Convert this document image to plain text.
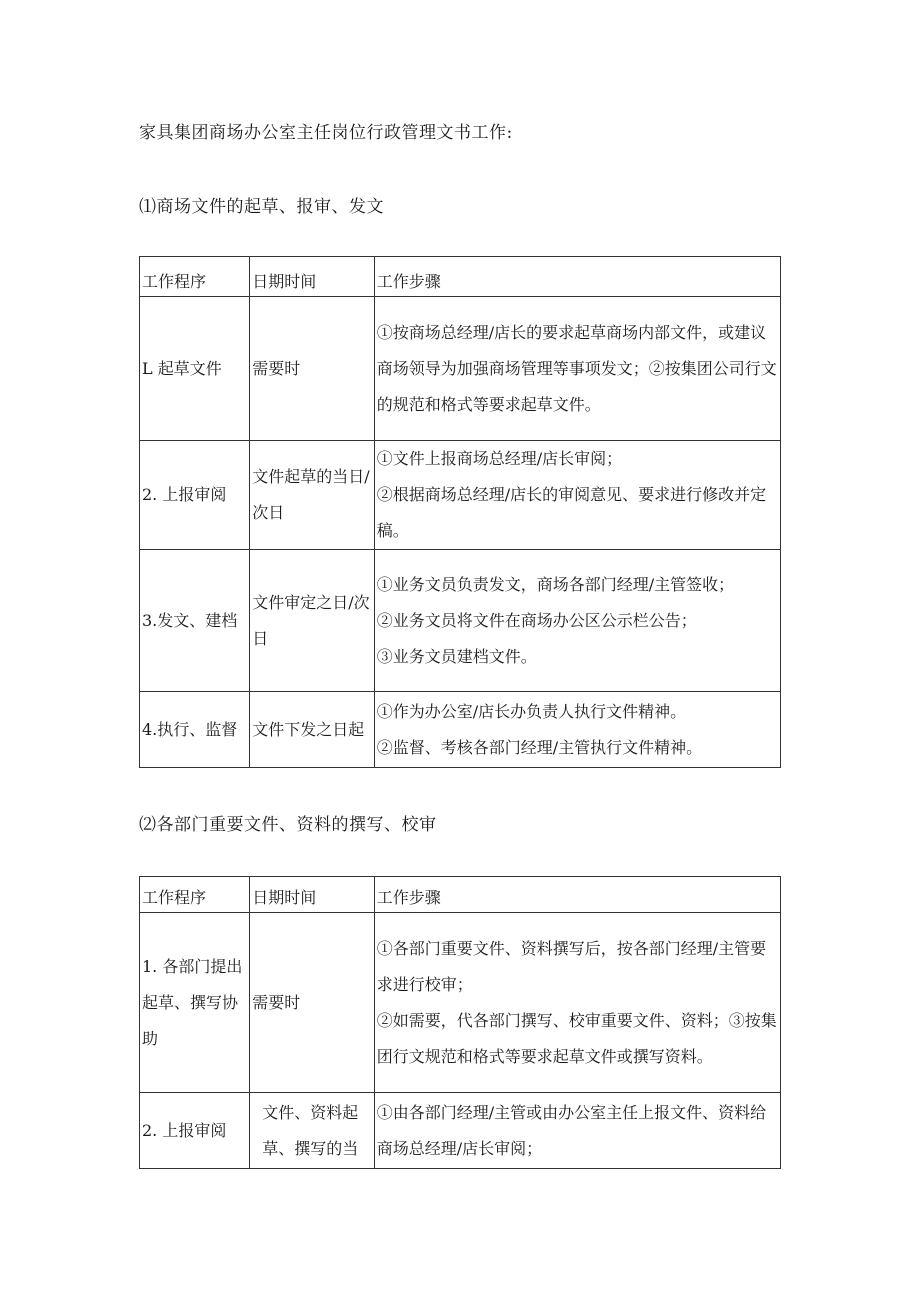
家具集团商场办公室主任岗位行政管理文书工作:
⑴商场文件的起草、报审、发文
工作程序	日期时间	工作步骤
L 起草文件	需要时	①按商场总经理/店长的要求起草商场内部文件，或建议商场领导为加强商场管理等事项发文；②按集团公司行文的规范和格式等要求起草文件。

2. 上报审阅	文件起草的当日/次日	①文件上报商场总经理/店长审阅；
②根据商场总经理/店长的审阅意见、要求进行修改并定稿。

3.发文、建档	文件审定之日/次日	①业务文员负责发文，商场各部门经理/主管签收；
②业务文员将文件在商场办公区公示栏公告；
③业务文员建档文件。

4.执行、监督	文件下发之日起	①作为办公室/店长办负责人执行文件精神。
②监督、考核各部门经理/主管执行文件精神。
⑵各部门重要文件、资料的撰写、校审
工作程序	日期时间	工作步骤
1. 各部门提出起草、撰写协助	需要时	①各部门重要文件、资料撰写后，按各部门经理/主管要求进行校审；
②如需要，代各部门撰写、校审重要文件、资料；③按集团行文规范和格式等要求起草文件或撰写资料。

2. 上报审阅	文件、资料起草、撰写的当	①由各部门经理/主管或由办公室主任上报文件、资料给商场总经理/店长审阅；
